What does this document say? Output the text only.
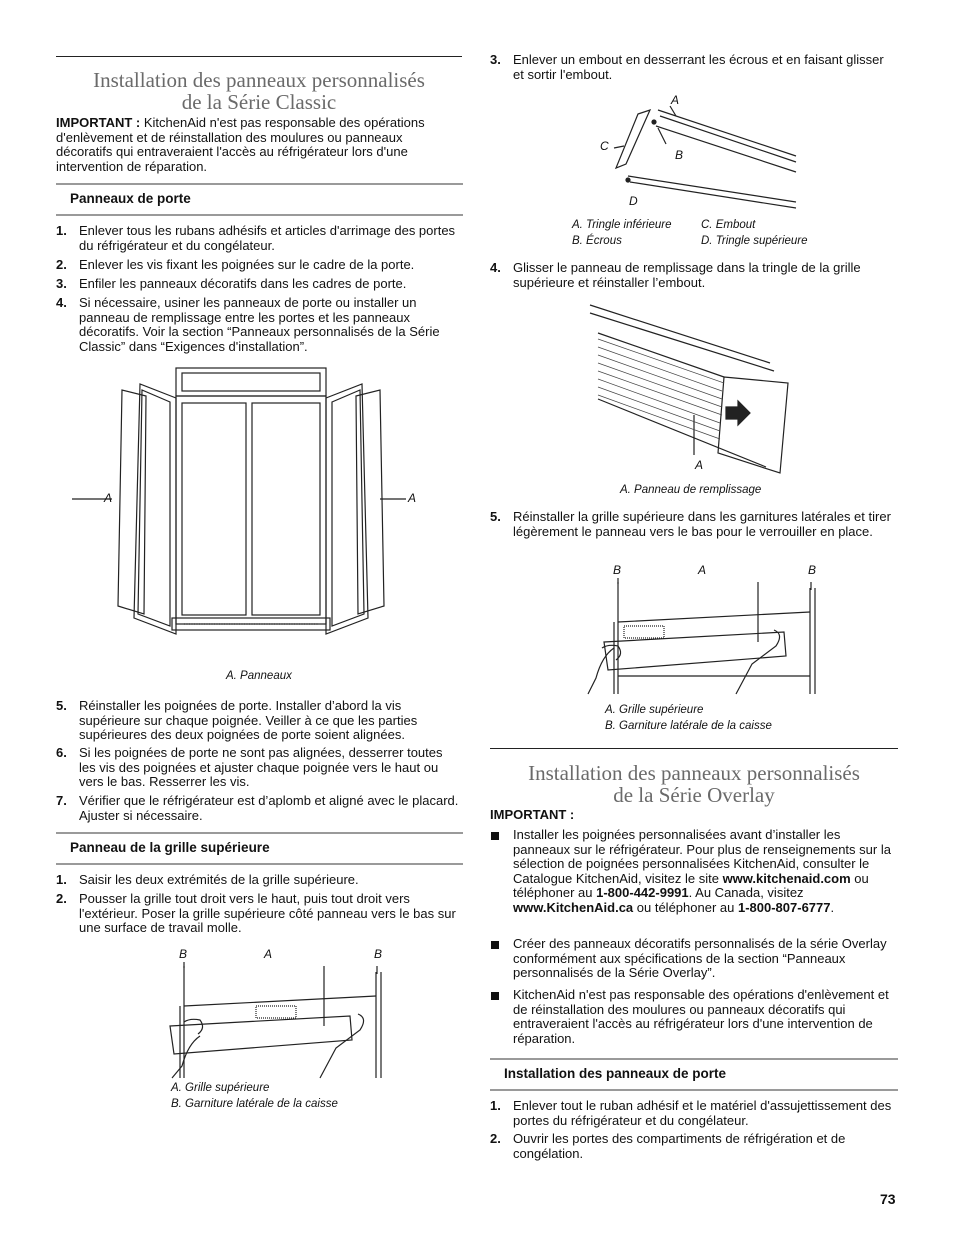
Installation des panneaux personnalisés
de la Série Classic
IMPORTANT : KitchenAid n'est pas responsable des opérations d'enlèvement et de réinstallation des moulures ou panneaux décoratifs qui entraveraient l'accès au réfrigérateur lors d'une intervention de réparation.
Panneaux de porte
1. Enlever tous les rubans adhésifs et articles d'arrimage des portes du réfrigérateur et du congélateur.
2. Enlever les vis fixant les poignées sur le cadre de la porte.
3. Enfiler les panneaux décoratifs dans les cadres de porte.
4. Si nécessaire, usiner les panneaux de porte ou installer un panneau de remplissage entre les portes et les panneaux décoratifs. Voir la section “Panneaux personnalisés de la Série Classic” dans “Exigences d'installation”.
A	A
A. Panneaux
5. Réinstaller les poignées de porte. Installer d’abord la vis supérieure sur chaque poignée. Veiller à ce que les parties supérieures des deux poignées de porte soient alignées.
6. Si les poignées de porte ne sont pas alignées, desserrer toutes les vis des poignées et ajuster chaque poignée vers le haut ou vers le bas. Resserrer les vis.
7. Vérifier que le réfrigérateur est d’aplomb et aligné avec le placard. Ajuster si nécessaire.
Panneau de la grille supérieure
1. Saisir les deux extrémités de la grille supérieure.
2. Pousser la grille tout droit vers le haut, puis tout droit vers l'extérieur. Poser la grille supérieure côté panneau vers le bas sur une surface de travail molle.
B	A	B
A. Grille supérieure
B. Garniture latérale de la caisse
3. Enlever un embout en desserrant les écrous et en faisant glisser et sortir l'embout.
A
C
B
D
A. Tringle inférieure	C. Embout
B. Écrous	D. Tringle supérieure
4. Glisser le panneau de remplissage dans la tringle de la grille supérieure et réinstaller l’embout.
A
A. Panneau de remplissage
5. Réinstaller la grille supérieure dans les garnitures latérales et tirer légèrement le panneau vers le bas pour le verrouiller en place.
B	A	B
A. Grille supérieure
B. Garniture latérale de la caisse
Installation des panneaux personnalisés
de la Série Overlay
IMPORTANT :
Installer les poignées personnalisées avant d’installer les panneaux sur le réfrigérateur. Pour plus de renseignements sur la sélection de poignées personnalisées KitchenAid, consulter le Catalogue KitchenAid, visitez le site www.kitchenaid.com ou téléphoner au 1-800-442-9991. Au Canada, visitez www.KitchenAid.ca ou téléphoner au 1-800-807-6777.
Créer des panneaux décoratifs personnalisés de la série Overlay conformément aux spécifications de la section “Panneaux personnalisés de la Série Overlay”.
KitchenAid n'est pas responsable des opérations d'enlèvement et de réinstallation des moulures ou panneaux décoratifs qui entraveraient l'accès au réfrigérateur lors d'une intervention de réparation.
Installation des panneaux de porte
1. Enlever tout le ruban adhésif et le matériel d'assujettissement des portes du réfrigérateur et du congélateur.
2. Ouvrir les portes des compartiments de réfrigération et de congélation.
73
